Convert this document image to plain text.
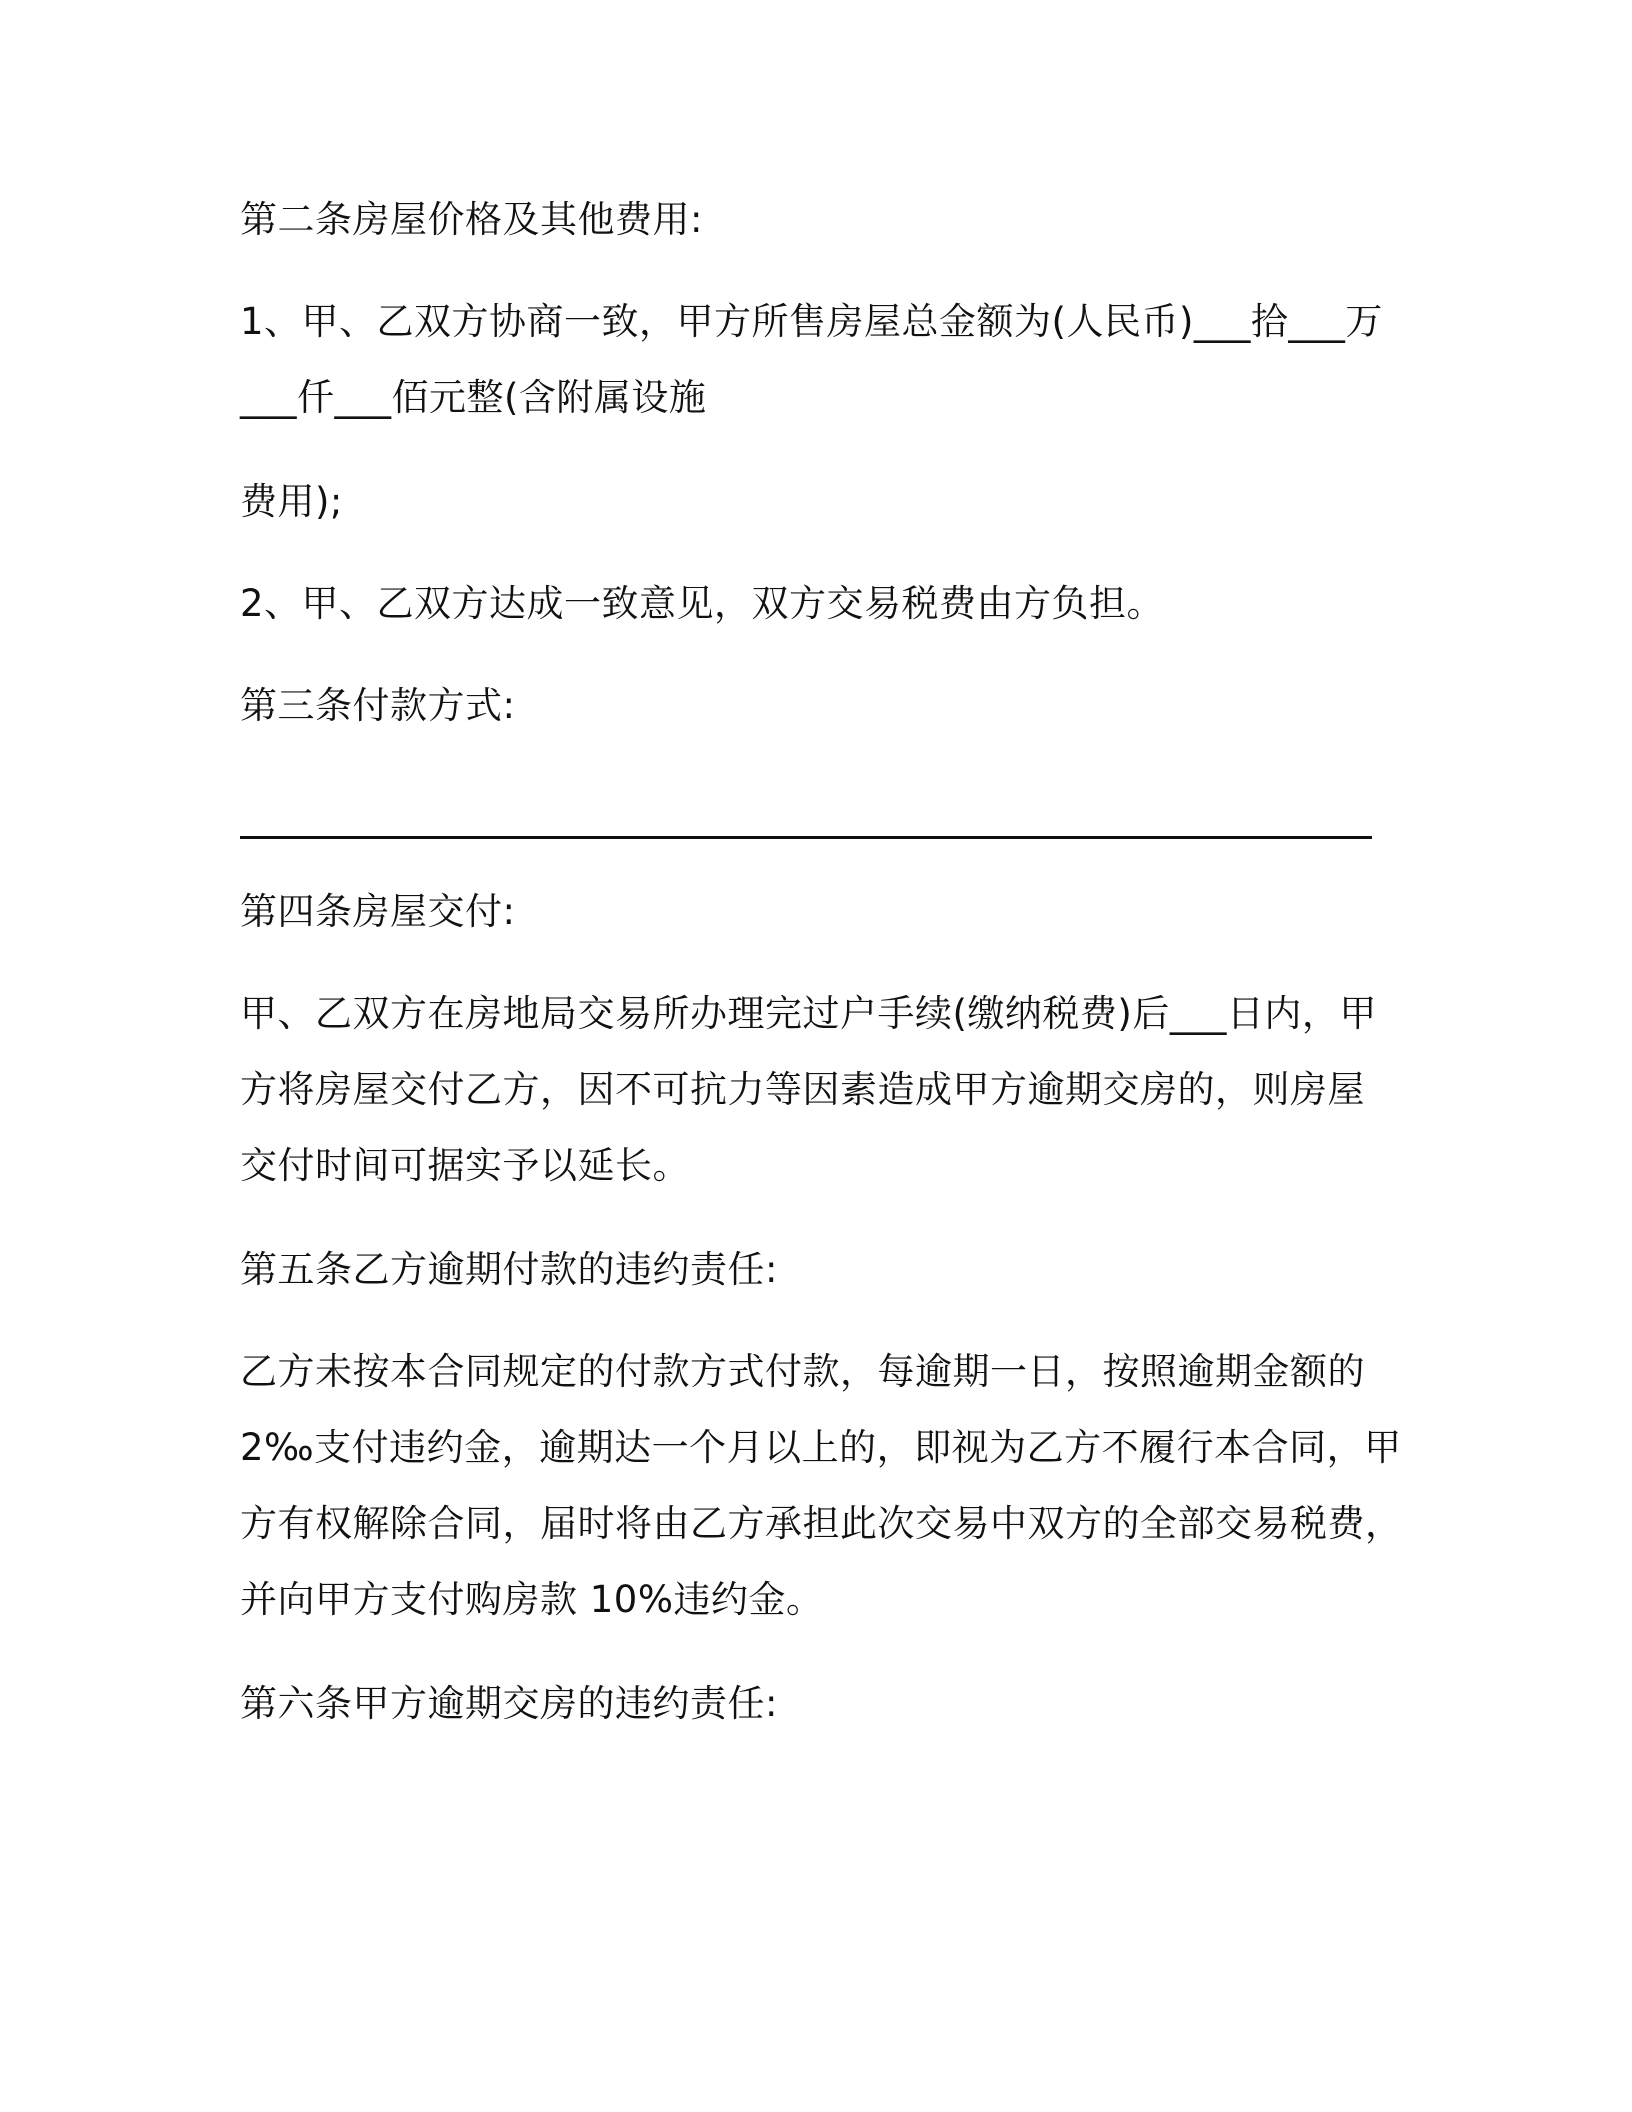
第二条房屋价格及其他费用:
1、甲、乙双方协商一致，甲方所售房屋总金额为(人民币)___拾___万
___仟___佰元整(含附属设施
费用);
2、甲、乙双方达成一致意见，双方交易税费由方负担。
第三条付款方式:
第四条房屋交付:
甲、乙双方在房地局交易所办理完过户手续(缴纳税费)后___日内，甲
方将房屋交付乙方，因不可抗力等因素造成甲方逾期交房的，则房屋
交付时间可据实予以延长。
第五条乙方逾期付款的违约责任:
乙方未按本合同规定的付款方式付款，每逾期一日，按照逾期金额的
2‰支付违约金，逾期达一个月以上的，即视为乙方不履行本合同，甲
方有权解除合同，届时将由乙方承担此次交易中双方的全部交易税费，
并向甲方支付购房款 10%违约金。
第六条甲方逾期交房的违约责任:
